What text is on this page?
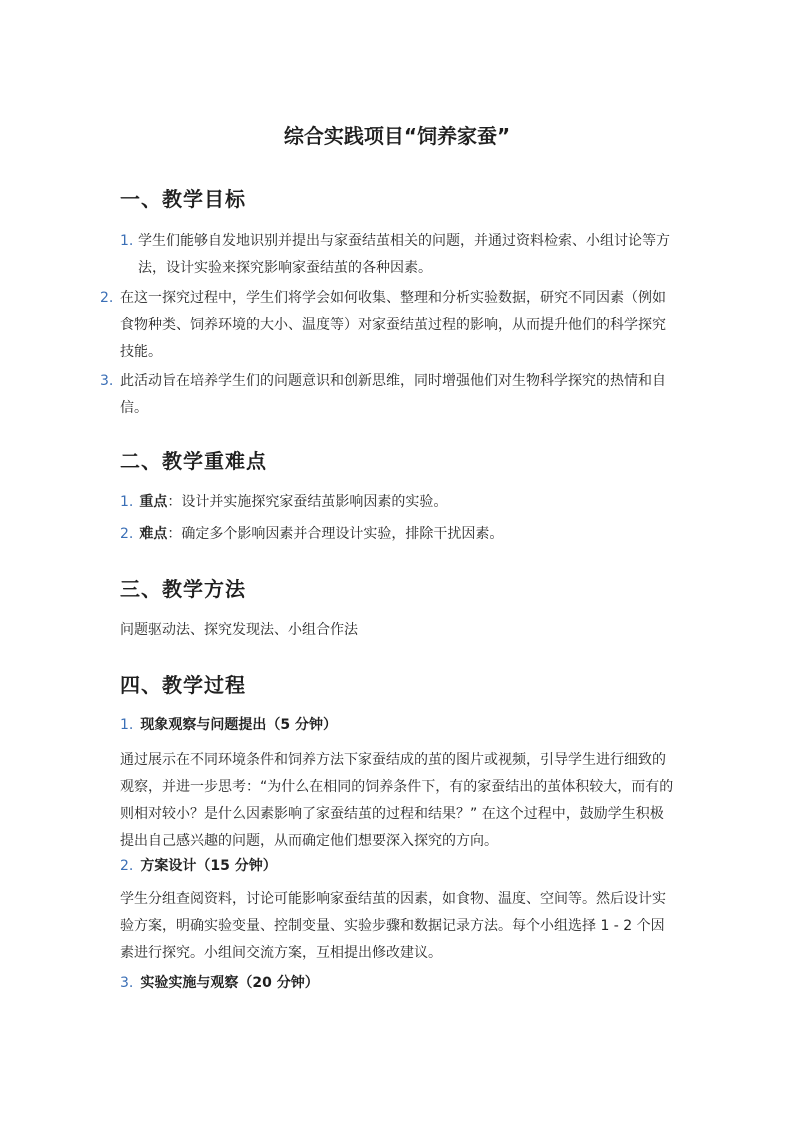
综合实践项目“饲养家蚕”
一、教学目标
1. 学生们能够自发地识别并提出与家蚕结茧相关的问题，并通过资料检索、小组讨论等方法，设计实验来探究影响家蚕结茧的各种因素。
2. 在这一探究过程中，学生们将学会如何收集、整理和分析实验数据，研究不同因素（例如食物种类、饲养环境的大小、温度等）对家蚕结茧过程的影响，从而提升他们的科学探究技能。
3. 此活动旨在培养学生们的问题意识和创新思维，同时增强他们对生物科学探究的热情和自信。
二、教学重难点
1. 重点：设计并实施探究家蚕结茧影响因素的实验。
2. 难点：确定多个影响因素并合理设计实验，排除干扰因素。
三、教学方法
问题驱动法、探究发现法、小组合作法
四、教学过程
1. 现象观察与问题提出（5 分钟）
通过展示在不同环境条件和饲养方法下家蚕结成的茧的图片或视频，引导学生进行细致的观察，并进一步思考：“为什么在相同的饲养条件下，有的家蚕结出的茧体积较大，而有的则相对较小？是什么因素影响了家蚕结茧的过程和结果？” 在这个过程中，鼓励学生积极提出自己感兴趣的问题，从而确定他们想要深入探究的方向。
2. 方案设计（15 分钟）
学生分组查阅资料，讨论可能影响家蚕结茧的因素，如食物、温度、空间等。然后设计实验方案，明确实验变量、控制变量、实验步骤和数据记录方法。每个小组选择 1 - 2 个因素进行探究。小组间交流方案，互相提出修改建议。
3. 实验实施与观察（20 分钟）
